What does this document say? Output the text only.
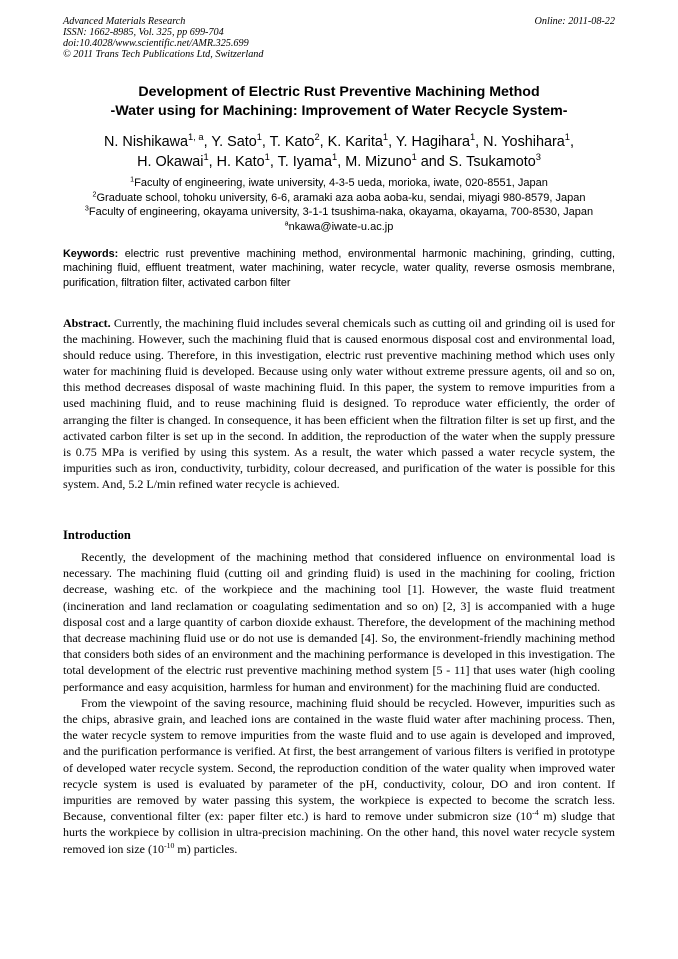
Advanced Materials Research
ISSN: 1662-8985, Vol. 325, pp 699-704
doi:10.4028/www.scientific.net/AMR.325.699
© 2011 Trans Tech Publications Ltd, Switzerland
Online: 2011-08-22
Development of Electric Rust Preventive Machining Method
-Water using for Machining: Improvement of Water Recycle System-
N. Nishikawa$^{1, a}$, Y. Sato$^1$, T. Kato$^2$, K. Karita$^1$, Y. Hagihara$^1$, N. Yoshihara$^1$,
H. Okawai$^1$, H. Kato$^1$, T. Iyama$^1$, M. Mizuno$^1$ and S. Tsukamoto$^3$
$^1$Faculty of engineering, iwate university, 4-3-5 ueda, morioka, iwate, 020-8551, Japan
$^2$Graduate school, tohoku university, 6-6, aramaki aza aoba aoba-ku, sendai, miyagi 980-8579, Japan
$^3$Faculty of engineering, okayama university, 3-1-1 tsushima-naka, okayama, okayama, 700-8530, Japan
$^a$nkawa@iwate-u.ac.jp
Keywords: electric rust preventive machining method, environmental harmonic machining, grinding, cutting, machining fluid, effluent treatment, water machining, water recycle, water quality, reverse osmosis membrane, purification, filtration filter, activated carbon filter
Abstract. Currently, the machining fluid includes several chemicals such as cutting oil and grinding oil is used for the machining. However, such the machining fluid that is caused enormous disposal cost and environmental load, should reduce using. Therefore, in this investigation, electric rust preventive machining method which uses only water for machining fluid is developed. Because using only water without extreme pressure agents, oil and so on, this method decreases disposal of waste machining fluid. In this paper, the system to remove impurities from a used machining fluid, and to reuse machining fluid is designed. To reproduce water efficiently, the order of arranging the filter is changed. In consequence, it has been efficient when the filtration filter is set up first, and the activated carbon filter is set up in the second. In addition, the reproduction of the water when the supply pressure is 0.75 MPa is verified by using this system. As a result, the water which passed a water recycle system, the impurities such as iron, conductivity, turbidity, colour decreased, and purification of the water is possible for this system. And, 5.2 L/min refined water recycle is achieved.
Introduction

Recently, the development of the machining method that considered influence on environmental load is necessary. The machining fluid (cutting oil and grinding fluid) is used in the machining for cooling, friction decrease, washing etc. of the workpiece and the machining tool [1]. However, the waste fluid treatment (incineration and land reclamation or coagulating sedimentation and so on) [2, 3] is accompanied with a huge disposal cost and a large quantity of carbon dioxide exhaust. Therefore, the development of the machining method that decrease machining fluid use or do not use is demanded [4]. So, the environment-friendly machining method that considers both sides of an environment and the machining performance is developed in this investigation. The total development of the electric rust preventive machining method system [5 - 11] that uses water (high cooling performance and easy acquisition, harmless for human and environment) for the machining fluid are conducted.

From the viewpoint of the saving resource, machining fluid should be recycled. However, impurities such as the chips, abrasive grain, and leached ions are contained in the waste fluid water after machining process. Then, the water recycle system to remove impurities from the waste fluid and to use again is developed and improved, and the purification performance is verified. At first, the best arrangement of various filters is verified in prototype of developed water recycle system. Second, the reproduction condition of the water quality when improved water recycle system is used is evaluated by parameter of the pH, conductivity, colour, DO and iron content. If impurities are removed by water passing this system, the workpiece is expected to become the scratch less. Because, conventional filter (ex: paper filter etc.) is hard to remove under submicron size ($10^{-4}$ m) sludge that hurts the workpiece by collision in ultra-precision machining. On the other hand, this novel water recycle system removed ion size ($10^{-10}$ m) particles.
